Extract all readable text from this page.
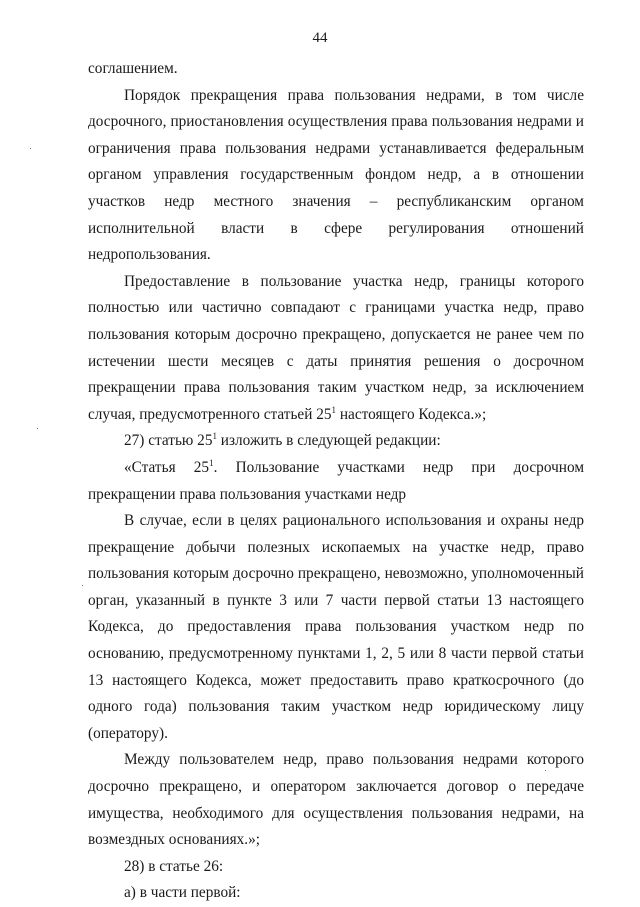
44

соглашением.

Порядок прекращения права пользования недрами, в том числе досрочного, приостановления осуществления права пользования недрами и ограничения права пользования недрами устанавливается федеральным органом управления государственным фондом недр, а в отношении участков недр местного значения – республиканским органом исполнительной власти в сфере регулирования отношений недропользования.

Предоставление в пользование участка недр, границы которого полностью или частично совпадают с границами участка недр, право пользования которым досрочно прекращено, допускается не ранее чем по истечении шести месяцев с даты принятия решения о досрочном прекращении права пользования таким участком недр, за исключением случая, предусмотренного статьей $25^1$ настоящего Кодекса.»;

27) статью $25^1$ изложить в следующей редакции:

«Статья $25^1$. Пользование участками недр при досрочном прекращении права пользования участками недр

В случае, если в целях рационального использования и охраны недр прекращение добычи полезных ископаемых на участке недр, право пользования которым досрочно прекращено, невозможно, уполномоченный орган, указанный в пункте 3 или 7 части первой статьи 13 настоящего Кодекса, до предоставления права пользования участком недр по основанию, предусмотренному пунктами 1, 2, 5 или 8 части первой статьи 13 настоящего Кодекса, может предоставить право краткосрочного (до одного года) пользования таким участком недр юридическому лицу (оператору).

Между пользователем недр, право пользования недрами которого досрочно прекращено, и оператором заключается договор о передаче имущества, необходимого для осуществления пользования недрами, на возмездных основаниях.»;

28) в статье 26:

а) в части первой:
